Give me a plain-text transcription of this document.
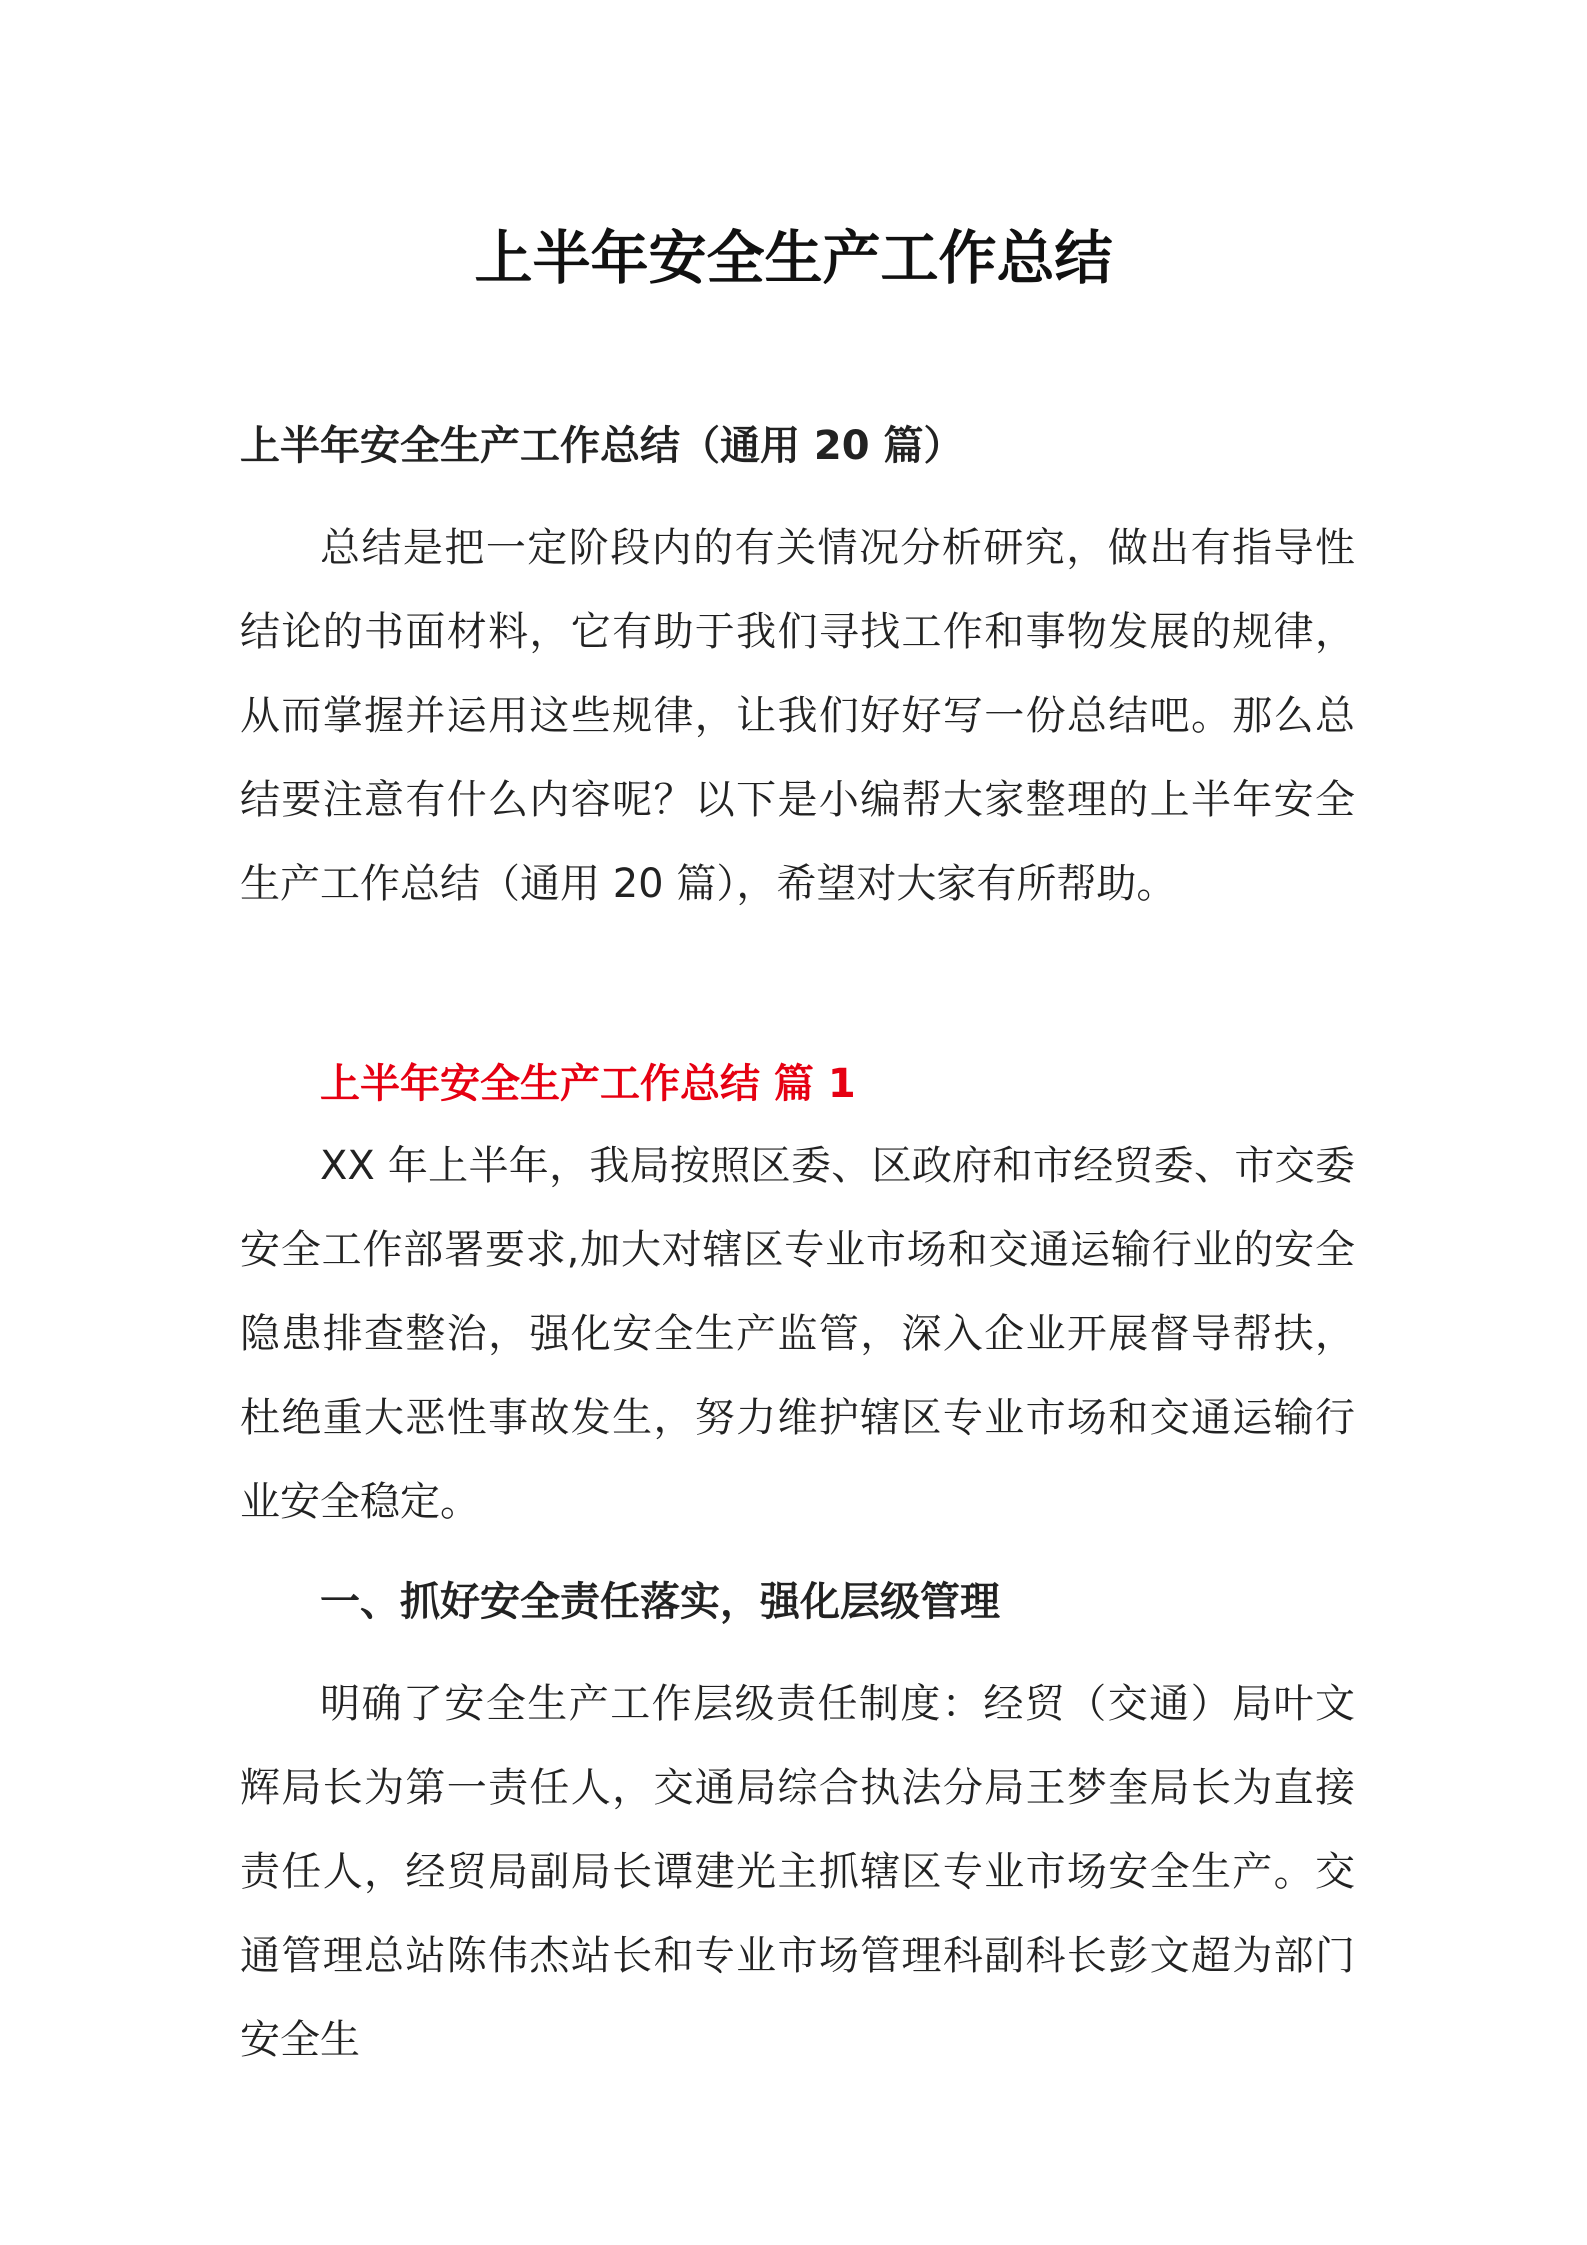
上半年安全生产工作总结
上半年安全生产工作总结（通用 20 篇）

总结是把一定阶段内的有关情况分析研究，做出有指导性结论的书面材料，它有助于我们寻找工作和事物发展的规律，从而掌握并运用这些规律，让我们好好写一份总结吧。那么总结要注意有什么内容呢？以下是小编帮大家整理的上半年安全生产工作总结（通用 20 篇），希望对大家有所帮助。

上半年安全生产工作总结 篇 1

XX 年上半年，我局按照区委、区政府和市经贸委、市交委安全工作部署要求,加大对辖区专业市场和交通运输行业的安全隐患排查整治，强化安全生产监管，深入企业开展督导帮扶，杜绝重大恶性事故发生，努力维护辖区专业市场和交通运输行业安全稳定。

一、抓好安全责任落实，强化层级管理

明确了安全生产工作层级责任制度：经贸（交通）局叶文辉局长为第一责任人，交通局综合执法分局王梦奎局长为直接责任人，经贸局副局长谭建光主抓辖区专业市场安全生产。交通管理总站陈伟杰站长和专业市场管理科副科长彭文超为部门安全生
